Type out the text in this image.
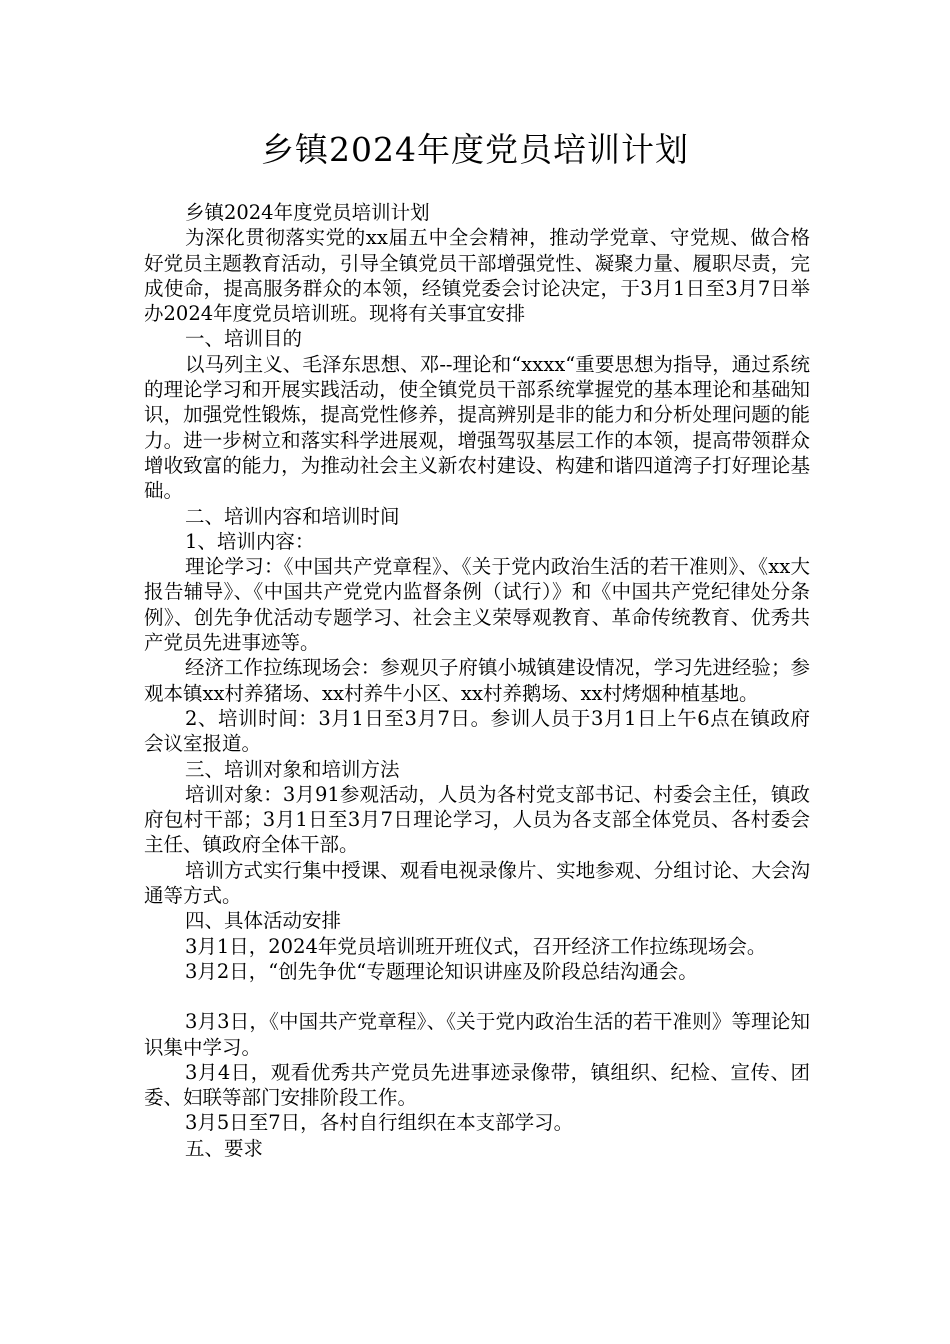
乡镇2024年度党员培训计划

乡镇2024年度党员培训计划

为深化贯彻落实党的xx届五中全会精神，推动学党章、守党规、做合格好党员主题教育活动，引导全镇党员干部增强党性、凝聚力量、履职尽责，完成使命，提高服务群众的本领，经镇党委会讨论决定，于3月1日至3月7日举办2024年度党员培训班。现将有关事宜安排

一、培训目的

以马列主义、毛泽东思想、邓--理论和“xxxx“重要思想为指导，通过系统的理论学习和开展实践活动，使全镇党员干部系统掌握党的基本理论和基础知识，加强党性锻炼，提高党性修养，提高辨别是非的能力和分析处理问题的能力。进一步树立和落实科学进展观，增强驾驭基层工作的本领，提高带领群众增收致富的能力，为推动社会主义新农村建设、构建和谐四道湾子打好理论基础。

二、培训内容和培训时间

1、培训内容：

理论学习：《中国共产党章程》、《关于党内政治生活的若干准则》、《xx大报告辅导》、《中国共产党党内监督条例（试行）》和《中国共产党纪律处分条例》、创先争优活动专题学习、社会主义荣辱观教育、革命传统教育、优秀共产党员先进事迹等。

经济工作拉练现场会：参观贝子府镇小城镇建设情况，学习先进经验；参观本镇xx村养猪场、xx村养牛小区、xx村养鹅场、xx村烤烟种植基地。

2、培训时间：3月1日至3月7日。参训人员于3月1日上午6点在镇政府会议室报道。

三、培训对象和培训方法

培训对象：3月91参观活动，人员为各村党支部书记、村委会主任，镇政府包村干部；3月1日至3月7日理论学习，人员为各支部全体党员、各村委会主任、镇政府全体干部。

培训方式实行集中授课、观看电视录像片、实地参观、分组讨论、大会沟通等方式。

四、具体活动安排

3月1日，2024年党员培训班开班仪式，召开经济工作拉练现场会。

3月2日，“创先争优“专题理论知识讲座及阶段总结沟通会。

3月3日，《中国共产党章程》、《关于党内政治生活的若干准则》等理论知识集中学习。

3月4日，观看优秀共产党员先进事迹录像带，镇组织、纪检、宣传、团委、妇联等部门安排阶段工作。

3月5日至7日，各村自行组织在本支部学习。

五、要求
